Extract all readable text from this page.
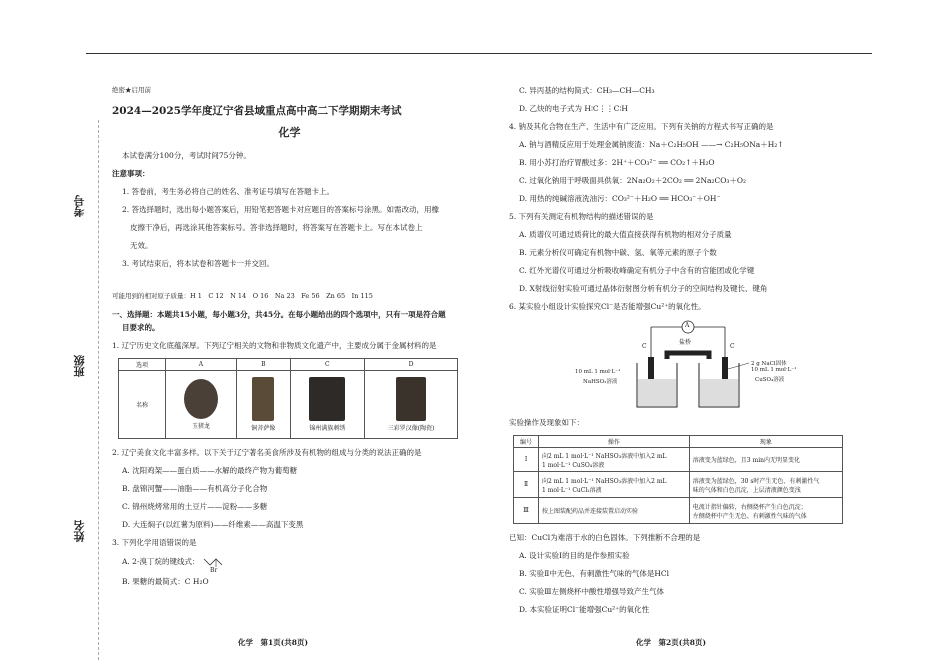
考号
班级
姓名
绝密★启用前
2024—2025学年度辽宁省县域重点高中高二下学期期末考试
化学
本试卷满分100分，考试时间75分钟。
注意事项：
1. 答卷前，考生务必将自己的姓名、准考证号填写在答题卡上。
2. 答选择题时，选出每小题答案后，用铅笔把答题卡对应题目的答案标号涂黑。如需改动，用橡
皮擦干净后，再选涂其他答案标号。答非选择题时，将答案写在答题卡上。写在本试卷上
无效。
3. 考试结束后，将本试卷和答题卡一并交回。
可能用到的相对原子质量：H 1　C 12　N 14　O 16　Na 23　Fe 56　Zn 65　In 115
一、选择题：本题共15小题，每小题3分，共45分。在每小题给出的四个选项中，只有一项是符合题
目要求的。
1. 辽宁历史文化底蕴深厚。下列辽宁相关的文物和非物质文化遗产中，主要成分属于金属材料的是
选项	A	B	C	D
名称	玉猪龙	铜菩萨像	锦州满族刺绣	三彩罗汉像(陶瓷)
2. 辽宁美食文化丰富多样。以下关于辽宁著名美食所涉及有机物的组成与分类的说法正确的是
A. 沈阳鸡架——蛋白质——水解的最终产物为葡萄糖
B. 盘锦河蟹——油脂——有机高分子化合物
C. 锦州烧烤常用的土豆片——淀粉——多糖
D. 大连焖子(以红薯为原料)——纤维素——高温下变黑
3. 下列化学用语错误的是
A. 2-溴丁烷的键线式：
Br
B. 果糖的最简式：C H₂O
C. 异丙基的结构简式：CH₃—CH—CH₃
D. 乙炔的电子式为 H∶C⋮⋮C∶H
4. 钠及其化合物在生产、生活中有广泛应用。下列有关钠的方程式书写正确的是
A. 钠与酒精反应用于处理金属钠废渣：Na＋C₂H₅OH ——→ C₂H₅ONa＋H₂↑
B. 用小苏打治疗胃酸过多：2H⁺＋CO₃²⁻ ══ CO₂↑＋H₂O
C. 过氧化钠用于呼吸面具供氧：2Na₂O₂＋2CO₂ ══ 2Na₂CO₃＋O₂
D. 用热的纯碱溶液洗油污：CO₃²⁻＋H₂O ══ HCO₃⁻＋OH⁻
5. 下列有关测定有机物结构的描述错误的是
A. 质谱仪可通过质荷比的最大值直接获得有机物的相对分子质量
B. 元素分析仪可确定有机物中碳、氢、氧等元素的原子个数
C. 红外光谱仪可通过分析吸收峰确定有机分子中含有的官能团或化学键
D. X射线衍射实验可通过晶体衍射图分析有机分子的空间结构及键长、键角
6. 某实验小组设计实验探究Cl⁻是否能增强Cu²⁺的氧化性。
A
盐桥
C	C
10 mL 1 mol·L⁻¹
NaHSO₃溶液
2 g NaCl固体
10 mL 1 mol·L⁻¹
CuSO₄溶液
实验操作及现象如下：
编号	操作	现象
Ⅰ	向2 mL 1 mol·L⁻¹ NaHSO₃溶液中加入2 mL
1 mol·L⁻¹ CuSO₄溶液	溶液变为蓝绿色，且3 min内无明显变化
Ⅱ	向2 mL 1 mol·L⁻¹ NaHSO₃溶液中加入2 mL
1 mol·L⁻¹ CuCl₂溶液	溶液变为蓝绿色，30 s时产生无色、有刺激性气
味的气体和白色沉淀，上层清液颜色变浅
Ⅲ	按上图装配药品并连接装置启动实验	电流计指针偏转，右侧烧杯产生白色沉淀；
左侧烧杯中产生无色、有刺激性气味的气体
已知：CuCl为难溶于水的白色固体。下列推断不合理的是
A. 设计实验Ⅰ的目的是作参照实验
B. 实验Ⅱ中无色、有刺激性气味的气体是HCl
C. 实验Ⅲ左侧烧杯中酸性增强导致产生气体
D. 本实验证明Cl⁻能增强Cu²⁺的氧化性
化学　第1页(共8页)	化学　第2页(共8页)
